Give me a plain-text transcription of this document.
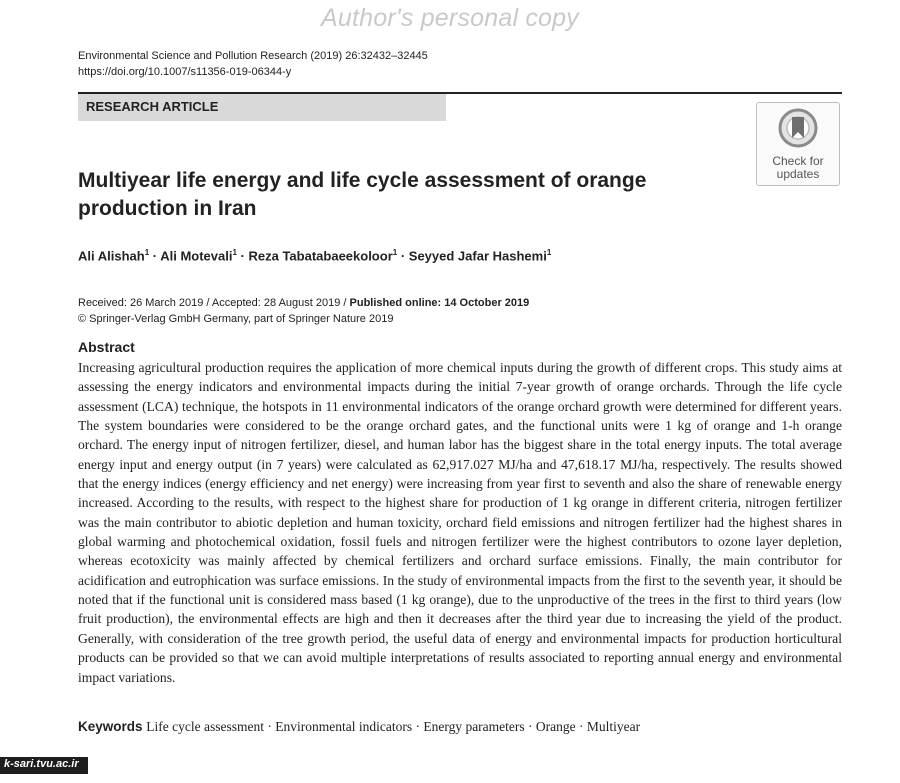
Author's personal copy
Environmental Science and Pollution Research (2019) 26:32432–32445
https://doi.org/10.1007/s11356-019-06344-y
RESEARCH ARTICLE
Check for
updates
Multiyear life energy and life cycle assessment of orange production in Iran
Ali Alishah$^1$ · Ali Motevali$^1$ · Reza Tabatabaeekoloor$^1$ · Seyyed Jafar Hashemi$^1$
Received: 26 March 2019 / Accepted: 28 August 2019 / Published online: 14 October 2019
© Springer-Verlag GmbH Germany, part of Springer Nature 2019
Abstract

Increasing agricultural production requires the application of more chemical inputs during the growth of different crops. This study aims at assessing the energy indicators and environmental impacts during the initial 7-year growth of orange orchards. Through the life cycle assessment (LCA) technique, the hotspots in 11 environmental indicators of the orange orchard growth were determined for different years. The system boundaries were considered to be the orange orchard gates, and the functional units were 1 kg of orange and 1-h orange orchard. The energy input of nitrogen fertilizer, diesel, and human labor has the biggest share in the total energy inputs. The total average energy input and energy output (in 7 years) were calculated as 62,917.027 MJ/ha and 47,618.17 MJ/ha, respectively. The results showed that the energy indices (energy efficiency and net energy) were increasing from year first to seventh and also the share of renewable energy increased. According to the results, with respect to the highest share for production of 1 kg orange in different criteria, nitrogen fertilizer was the main contributor to abiotic depletion and human toxicity, orchard field emissions and nitrogen fertilizer had the highest shares in global warming and photochemical oxidation, fossil fuels and nitrogen fertilizer were the highest contributors to ozone layer depletion, whereas ecotoxicity was mainly affected by chemical fertilizers and orchard surface emissions. Finally, the main contributor for acidification and eutrophication was surface emissions. In the study of environmental impacts from the first to the seventh year, it should be noted that if the functional unit is considered mass based (1 kg orange), due to the unproductive of the trees in the first to third years (low fruit production), the environmental effects are high and then it decreases after the third year due to increasing the yield of the product. Generally, with consideration of the tree growth period, the useful data of energy and environmental impacts for production horticultural products can be provided so that we can avoid multiple interpretations of results associated to reporting annual energy and environmental impact variations.

Keywords Life cycle assessment · Environmental indicators · Energy parameters · Orange · Multiyear
k-sari.tvu.ac.ir
